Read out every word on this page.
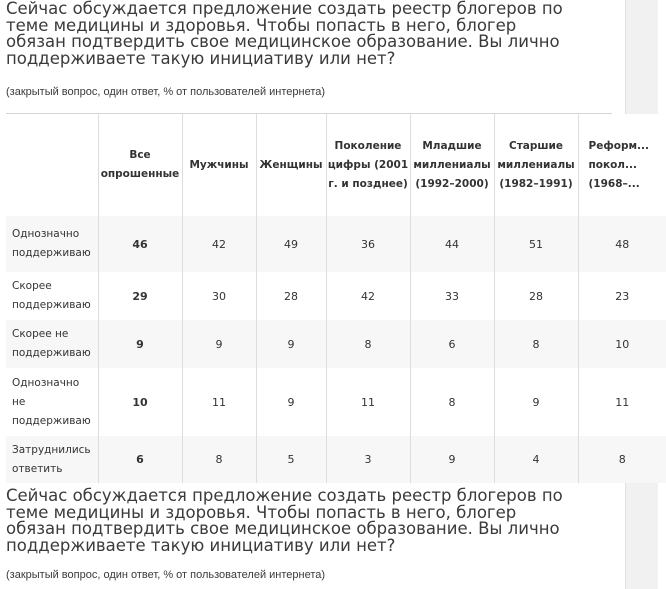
Сейчас обсуждается предложение создать реестр блогеров по теме медицины и здоровья. Чтобы попасть в него, блогер обязан подтвердить свое медицинское образование. Вы лично поддерживаете такую инициативу или нет?
(закрытый вопрос, один ответ, % от пользователей интернета)
	Все опрошенные	Мужчины	Женщины	Поколение цифры (2001 г. и позднее)	Младшие миллениалы (1992–2000)	Старшие миллениалы (1982–1991)	Реформ... покол... (1968–...
Однозначно поддерживаю	46	42	49	36	44	51	48
Скорее поддерживаю	29	30	28	42	33	28	23
Скорее не поддерживаю	9	9	9	8	6	8	10
Однозначно не поддерживаю	10	11	9	11	8	9	11
Затруднились ответить	6	8	5	3	9	4	8
Сейчас обсуждается предложение создать реестр блогеров по теме медицины и здоровья. Чтобы попасть в него, блогер обязан подтвердить свое медицинское образование. Вы лично поддерживаете такую инициативу или нет?
(закрытый вопрос, один ответ, % от пользователей интернета)
